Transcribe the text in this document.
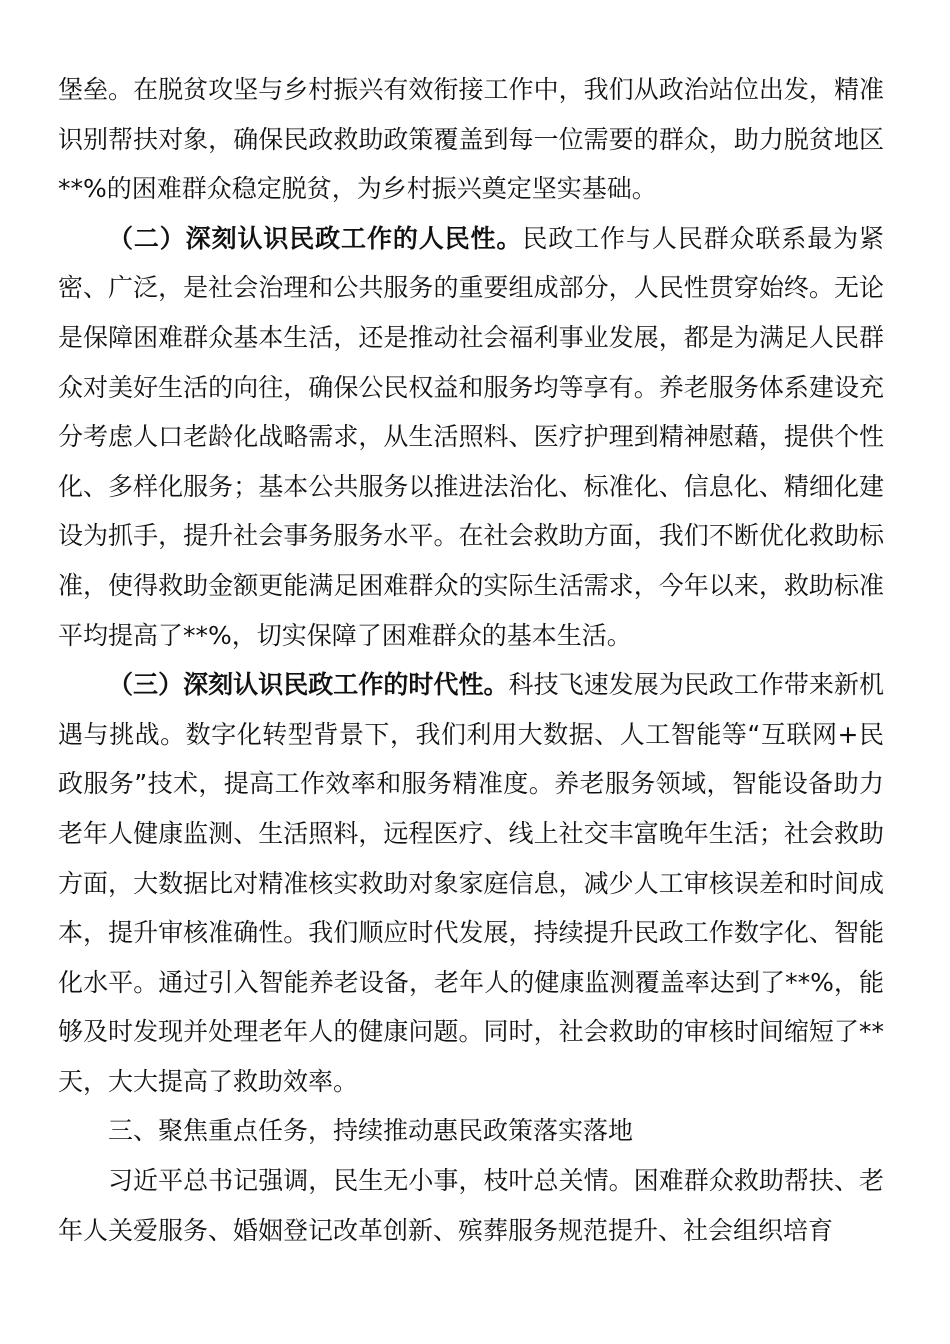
堡垒。在脱贫攻坚与乡村振兴有效衔接工作中，我们从政治站位出发，精准识别帮扶对象，确保民政救助政策覆盖到每一位需要的群众，助力脱贫地区**%的困难群众稳定脱贫，为乡村振兴奠定坚实基础。

（二）深刻认识民政工作的人民性。民政工作与人民群众联系最为紧密、广泛，是社会治理和公共服务的重要组成部分，人民性贯穿始终。无论是保障困难群众基本生活，还是推动社会福利事业发展，都是为满足人民群众对美好生活的向往，确保公民权益和服务均等享有。养老服务体系建设充分考虑人口老龄化战略需求，从生活照料、医疗护理到精神慰藉，提供个性化、多样化服务；基本公共服务以推进法治化、标准化、信息化、精细化建设为抓手，提升社会事务服务水平。在社会救助方面，我们不断优化救助标准，使得救助金额更能满足困难群众的实际生活需求，今年以来，救助标准平均提高了**%，切实保障了困难群众的基本生活。

（三）深刻认识民政工作的时代性。科技飞速发展为民政工作带来新机遇与挑战。数字化转型背景下，我们利用大数据、人工智能等“互联网+民政服务”技术，提高工作效率和服务精准度。养老服务领域，智能设备助力老年人健康监测、生活照料，远程医疗、线上社交丰富晚年生活；社会救助方面，大数据比对精准核实救助对象家庭信息，减少人工审核误差和时间成本，提升审核准确性。我们顺应时代发展，持续提升民政工作数字化、智能化水平。通过引入智能养老设备，老年人的健康监测覆盖率达到了**%，能够及时发现并处理老年人的健康问题。同时，社会救助的审核时间缩短了**天，大大提高了救助效率。

三、聚焦重点任务，持续推动惠民政策落实落地

习近平总书记强调，民生无小事，枝叶总关情。困难群众救助帮扶、老年人关爱服务、婚姻登记改革创新、殡葬服务规范提升、社会组织培育
